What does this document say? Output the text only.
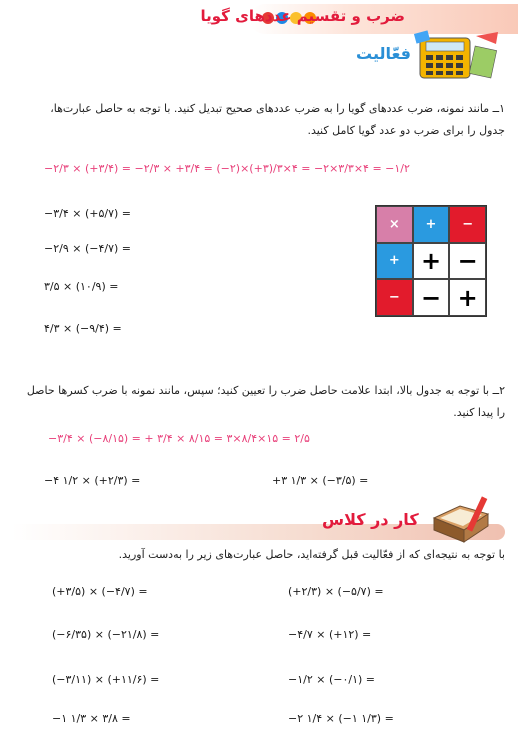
ضرب و تقسیم عددهای گویا
فعّالیت
۱ــ مانند نمونه، ضرب عددهای گویا را به ضرب عددهای صحیح تبدیل کنید. با توجه به حاصل عبارت‌ها، جدول را برای ضرب دو عدد گویا کامل کنید.
−۲/۳ × (+۳/۴) = −۲/۳ × +۳/۴ = (−۲)×(+۳)/۳×۴ = −۲×۳/۳×۴ = −۱/۲
−۳/۴ × (+۵/۷) =
−۲/۹ × (−۴/۷) =
۳/۵ × (۱۰/۹) =
۴/۳ × (−۹/۴) =
×	+	−
+ + −
− − +
۲ــ با توجه به جدول بالا، ابتدا علامت حاصل ضرب را تعیین کنید؛ سپس، مانند نمونه با ضرب کسرها حاصل را پیدا کنید.
−۳/۴ × (−۸/۱۵) = + ۳/۴ × ۸/۱۵ = ۳×۸/۴×۱۵ = ۲/۵
−۴ ۱/۲ × (+۲/۳) =	+۳ ۱/۳ × (−۳/۵) =
کار در کلاس
با توجه به نتیجه‌ای که از فعّالیت قبل گرفته‌اید، حاصل عبارت‌های زیر را به‌دست آورید.
(+۳/۵) × (−۴/۷) =	(+۲/۳) × (−۵/۷) =
(−۶/۳۵) × (−۲۱/۸) =	−۴/۷ × (+۱۲) =
(−۳/۱۱) × (+۱۱/۶) =	−۱/۲ × (−۰/۱) =
−۱ ۱/۳ × ۳/۸ =	−۲ ۱/۴ × (−۱ ۱/۳) =
